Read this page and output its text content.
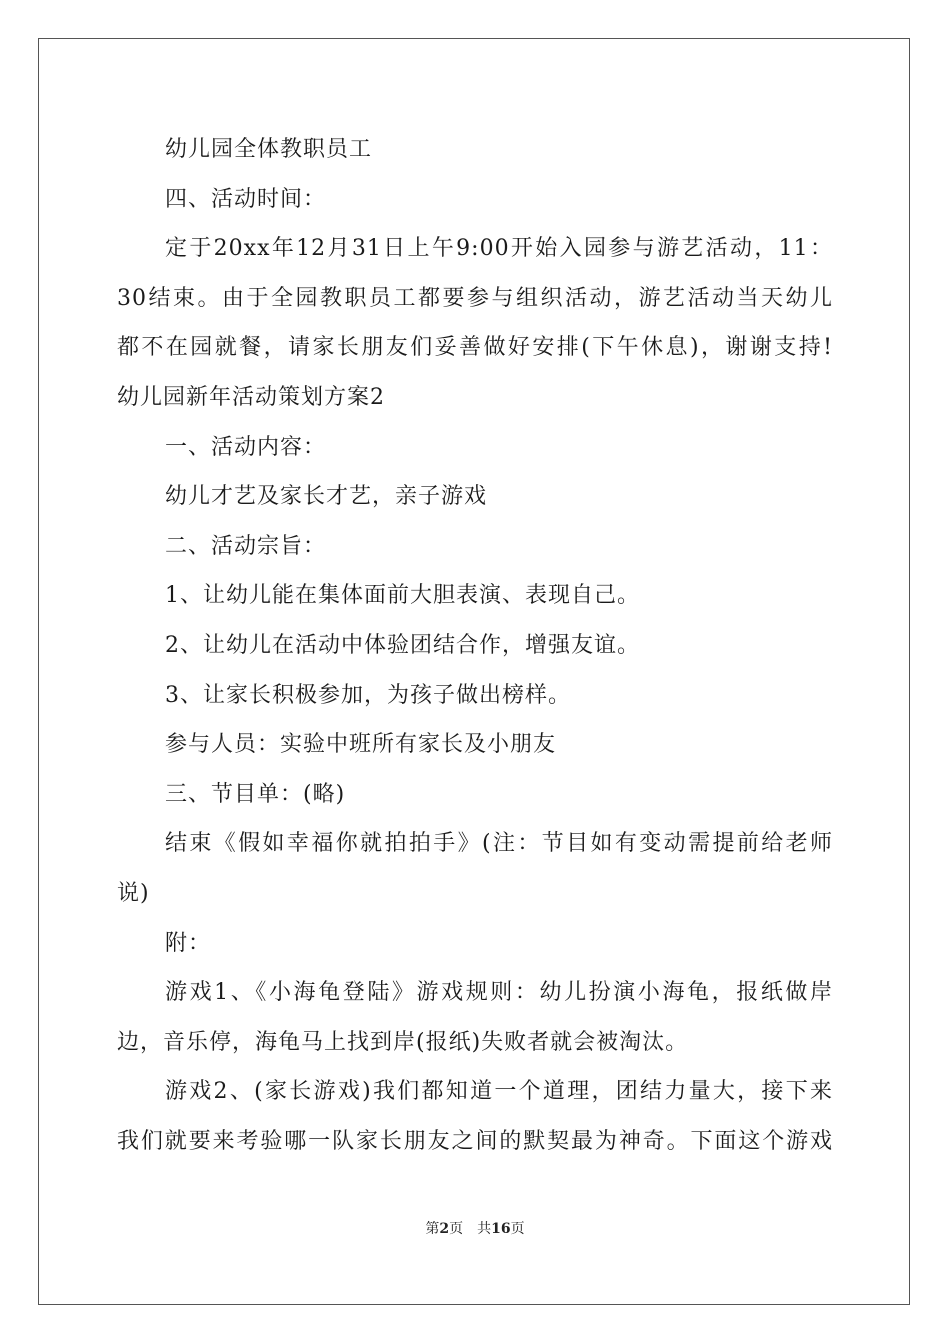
幼儿园全体教职员工
四、活动时间：
定于20xx年12月31日上午9:00开始入园参与游艺活动，11：
30结束。由于全园教职员工都要参与组织活动，游艺活动当天幼儿
都不在园就餐，请家长朋友们妥善做好安排(下午休息)，谢谢支持!
幼儿园新年活动策划方案2
一、活动内容：
幼儿才艺及家长才艺，亲子游戏
二、活动宗旨：
1、让幼儿能在集体面前大胆表演、表现自己。
2、让幼儿在活动中体验团结合作，增强友谊。
3、让家长积极参加，为孩子做出榜样。
参与人员：实验中班所有家长及小朋友
三、节目单：(略)
结束《假如幸福你就拍拍手》(注：节目如有变动需提前给老师
说)
附：
游戏1、《小海龟登陆》游戏规则：幼儿扮演小海龟，报纸做岸
边，音乐停，海龟马上找到岸(报纸)失败者就会被淘汰。
游戏2、(家长游戏)我们都知道一个道理，团结力量大，接下来
我们就要来考验哪一队家长朋友之间的默契最为神奇。下面这个游戏
第2页　共16页
